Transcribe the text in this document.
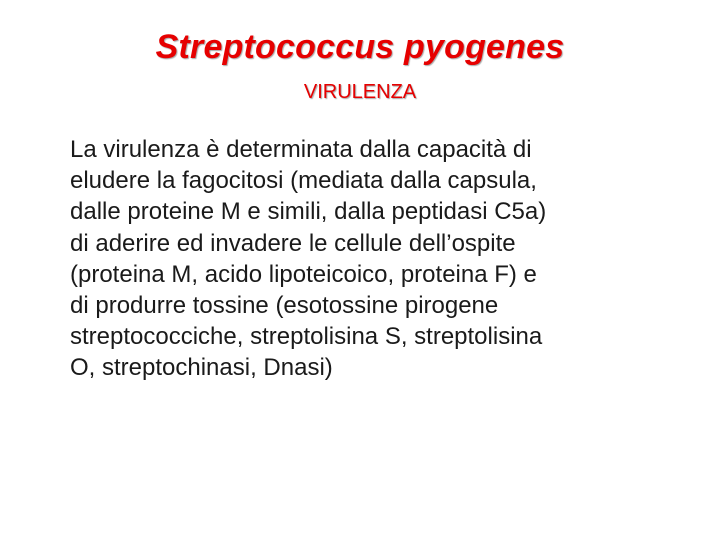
Streptococcus pyogenes
VIRULENZA
La virulenza è determinata dalla capacità di
eludere la fagocitosi (mediata dalla capsula,
dalle proteine M e simili, dalla peptidasi C5a)
di aderire ed invadere le cellule dell’ospite
(proteina M, acido lipoteicoico, proteina F) e
di produrre tossine (esotossine pirogene
streptococciche, streptolisina S, streptolisina
O, streptochinasi, Dnasi)
